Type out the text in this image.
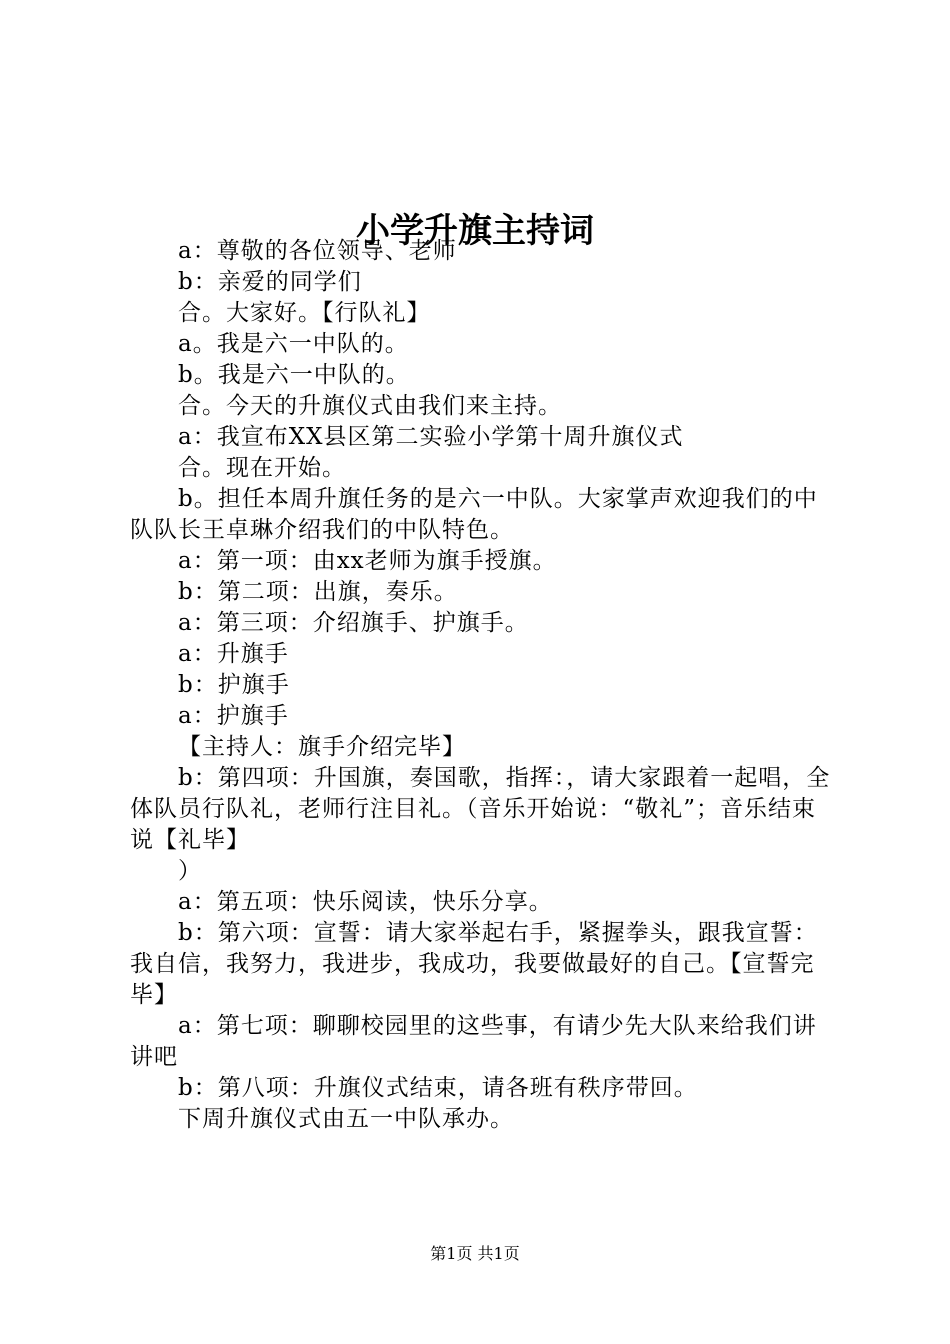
小学升旗主持词

a：尊敬的各位领导、老师

b：亲爱的同学们

合。大家好。【行队礼】

a。我是六一中队的。

b。我是六一中队的。

合。今天的升旗仪式由我们来主持。

a：我宣布XX县区第二实验小学第十周升旗仪式

合。现在开始。

b。担任本周升旗任务的是六一中队。大家掌声欢迎我们的中队队长王卓琳介绍我们的中队特色。

a：第一项：由xx老师为旗手授旗。

b：第二项：出旗，奏乐。

a：第三项：介绍旗手、护旗手。

a：升旗手

b：护旗手

a：护旗手

【主持人：旗手介绍完毕】

b：第四项：升国旗，奏国歌，指挥：，请大家跟着一起唱，全体队员行队礼，老师行注目礼。（音乐开始说：“敬礼”；音乐结束说【礼毕】

）

a：第五项：快乐阅读，快乐分享。

b：第六项：宣誓：请大家举起右手，紧握拳头，跟我宣誓：我自信，我努力，我进步，我成功，我要做最好的自己。【宣誓完毕】

a：第七项：聊聊校园里的这些事，有请少先大队来给我们讲讲吧

b：第八项：升旗仪式结束，请各班有秩序带回。

下周升旗仪式由五一中队承办。

第1页 共1页
